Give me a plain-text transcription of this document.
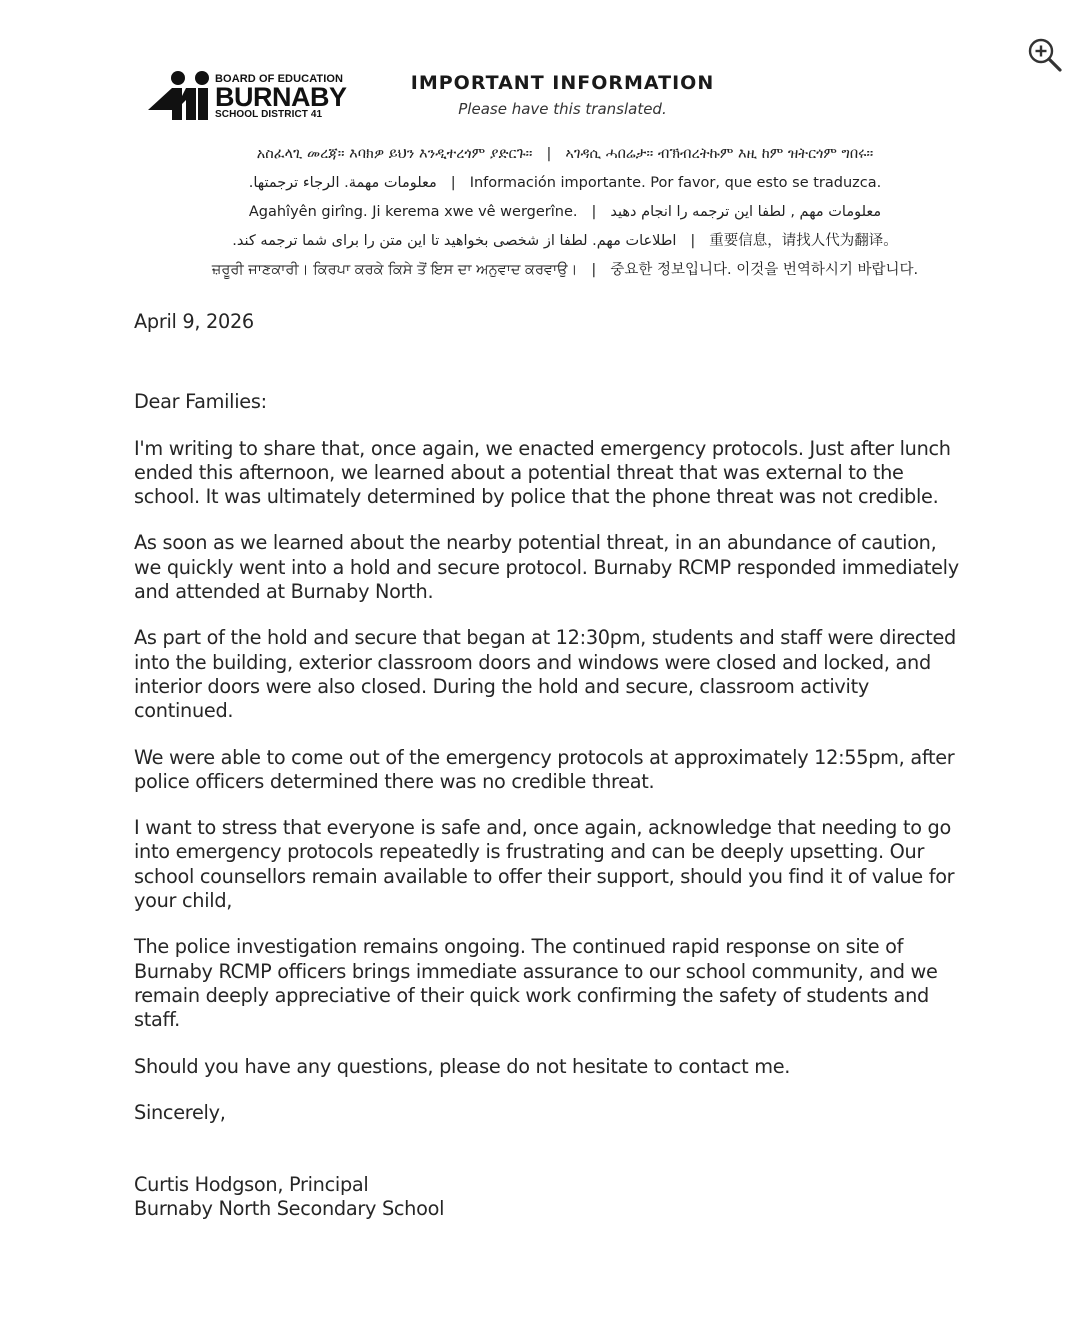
BOARD OF EDUCATION
BURNABY
SCHOOL DISTRICT 41
IMPORTANT INFORMATION
Please have this translated.
አስፈላጊ መረጃ። እባክዎ ይህን እንዲተረጎም ያድርጉ። | ኣገዳሲ ሓበሬታ። ብኽብረትኩም እዚ ከም ዝትርጎም ግበሩ።
معلومات مهمة. الرجاء ترجمتها. | Información importante. Por favor, que esto se traduzca.
Agahîyên girîng. Ji kerema xwe vê wergerîne. | معلومات مهم , لطفا این ترجمه را انجام دهید
اطلاعات مهم. لطفا از شخصی بخواهید تا این متن را برای شما ترجمه کند. | 重要信息，请找人代为翻译。
ਜ਼ਰੂਰੀ ਜਾਣਕਾਰੀ। ਕਿਰਪਾ ਕਰਕੇ ਕਿਸੇ ਤੋਂ ਇਸ ਦਾ ਅਨੁਵਾਦ ਕਰਵਾਉ। | 중요한 정보입니다. 이것을 번역하시기 바랍니다.

April 9, 2026

Dear Families:

I'm writing to share that, once again, we enacted emergency protocols. Just after lunch ended this afternoon, we learned about a potential threat that was external to the school. It was ultimately determined by police that the phone threat was not credible.

As soon as we learned about the nearby potential threat, in an abundance of caution, we quickly went into a hold and secure protocol. Burnaby RCMP responded immediately and attended at Burnaby North.

As part of the hold and secure that began at 12:30pm, students and staff were directed into the building, exterior classroom doors and windows were closed and locked, and interior doors were also closed. During the hold and secure, classroom activity continued.

We were able to come out of the emergency protocols at approximately 12:55pm, after police officers determined there was no credible threat.

I want to stress that everyone is safe and, once again, acknowledge that needing to go into emergency protocols repeatedly is frustrating and can be deeply upsetting. Our school counsellors remain available to offer their support, should you find it of value for your child,

The police investigation remains ongoing. The continued rapid response on site of Burnaby RCMP officers brings immediate assurance to our school community, and we remain deeply appreciative of their quick work confirming the safety of students and staff.

Should you have any questions, please do not hesitate to contact me.

Sincerely,

Curtis Hodgson, Principal

Burnaby North Secondary School
